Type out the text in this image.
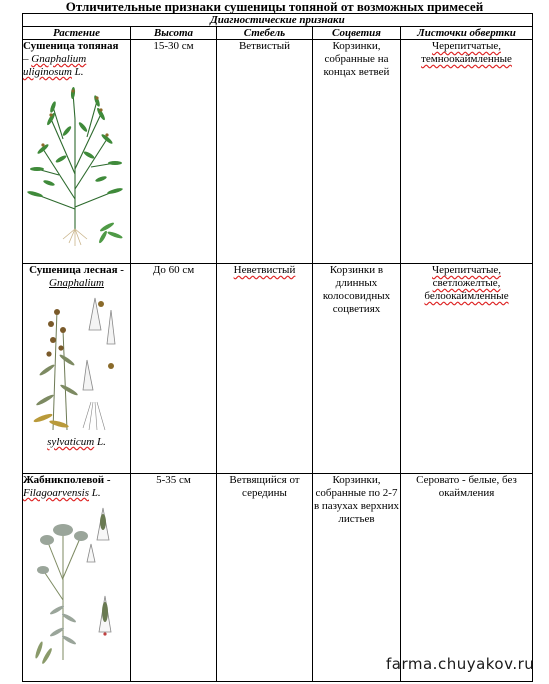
Отличительные признаки сушеницы топяной от возможных примесей
Диагностические признаки				
Растение	Высота	Стебель	Соцветия	Листочки обвертки

Сушеница топяная
– Gnaphalium
uliginosum L.	15-30 см	Ветвистый	Корзинки, собранные на концах ветвей	Черепитчатые, темноокаймленные

Сушеница лесная -
Gnaphalium
sylvaticum L.	До 60 см	Неветвистый	Корзинки в длинных колосовидных соцветиях	Черепитчатые, светложелтые, белоокаймленные

Жабникполевой -
Filagoarvensis L.	5-35 см	Ветвящийся от середины	Корзинки, собранные по 2-7 в пазухах верхних листьев	Серовато - белые, без окаймления
farma.chuyakov.ru
